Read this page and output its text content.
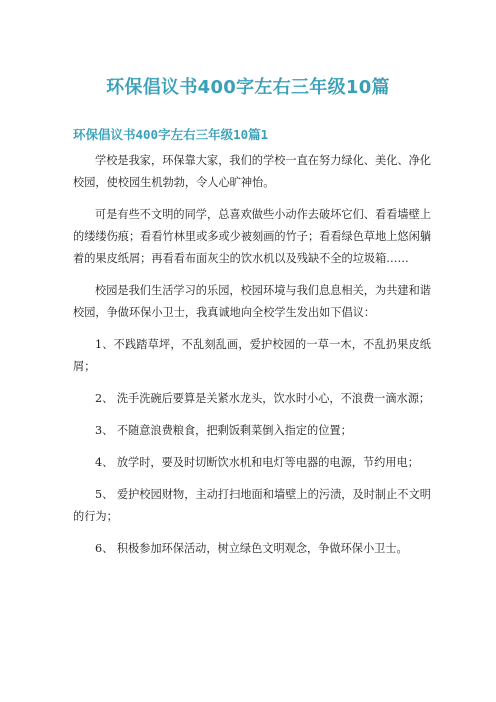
环保倡议书400字左右三年级10篇
环保倡议书400字左右三年级10篇1

学校是我家，环保靠大家，我们的学校一直在努力绿化、美化、净化校园，使校园生机勃勃，令人心旷神怡。

可是有些不文明的同学，总喜欢做些小动作去破坏它们、看看墙壁上的缕缕伤痕；看看竹林里或多或少被刻画的竹子；看看绿色草地上悠闲躺着的果皮纸屑；再看看布面灰尘的饮水机以及残缺不全的垃圾箱……

校园是我们生活学习的乐园，校园环境与我们息息相关，为共建和谐校园，争做环保小卫士，我真诚地向全校学生发出如下倡议：

1、不践踏草坪，不乱刻乱画，爱护校园的一草一木，不乱扔果皮纸屑；

2、 洗手洗碗后要算是关紧水龙头，饮水时小心，不浪费一滴水源；

3、 不随意浪费粮食，把剩饭剩菜倒入指定的位置；

4、 放学时，要及时切断饮水机和电灯等电器的电源，节约用电；

5、 爱护校园财物，主动打扫地面和墙壁上的污渍，及时制止不文明的行为；

6、 积极参加环保活动，树立绿色文明观念，争做环保小卫士。
